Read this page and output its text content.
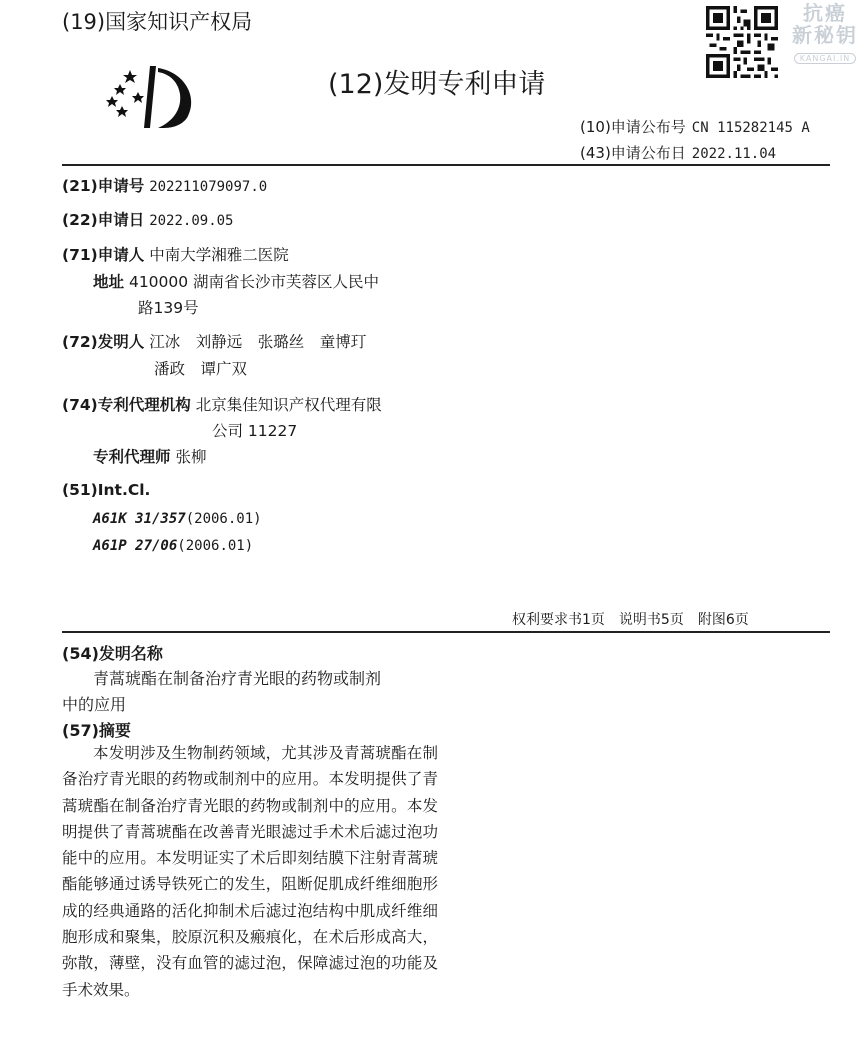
(19)国家知识产权局	抗癌
新秘钥
KANGAI.IN
(12)发明专利申请
(10)申请公布号 CN 115282145 A
(43)申请公布日 2022.11.04
(21)申请号 202211079097.0
(22)申请日 2022.09.05
(71)申请人 中南大学湘雅二医院
地址 410000 湖南省长沙市芙蓉区人民中
路139号
(72)发明人 江冰　刘静远　张璐丝　童博玎
潘政　谭广双
(74)专利代理机构 北京集佳知识产权代理有限
公司 11227
专利代理师 张柳
(51)Int.Cl.
A61K 31/357(2006.01)
A61P 27/06(2006.01)
权利要求书1页 说明书5页 附图6页
(54)发明名称
青蒿琥酯在制备治疗青光眼的药物或制剂
中的应用
(57)摘要

本发明涉及生物制药领域，尤其涉及青蒿琥酯在制备治疗青光眼的药物或制剂中的应用。本发明提供了青蒿琥酯在制备治疗青光眼的药物或制剂中的应用。本发明提供了青蒿琥酯在改善青光眼滤过手术术后滤过泡功能中的应用。本发明证实了术后即刻结膜下注射青蒿琥酯能够通过诱导铁死亡的发生，阻断促肌成纤维细胞形成的经典通路的活化抑制术后滤过泡结构中肌成纤维细胞形成和聚集，胶原沉积及瘢痕化，在术后形成高大，弥散，薄壁，没有血管的滤过泡，保障滤过泡的功能及手术效果。
